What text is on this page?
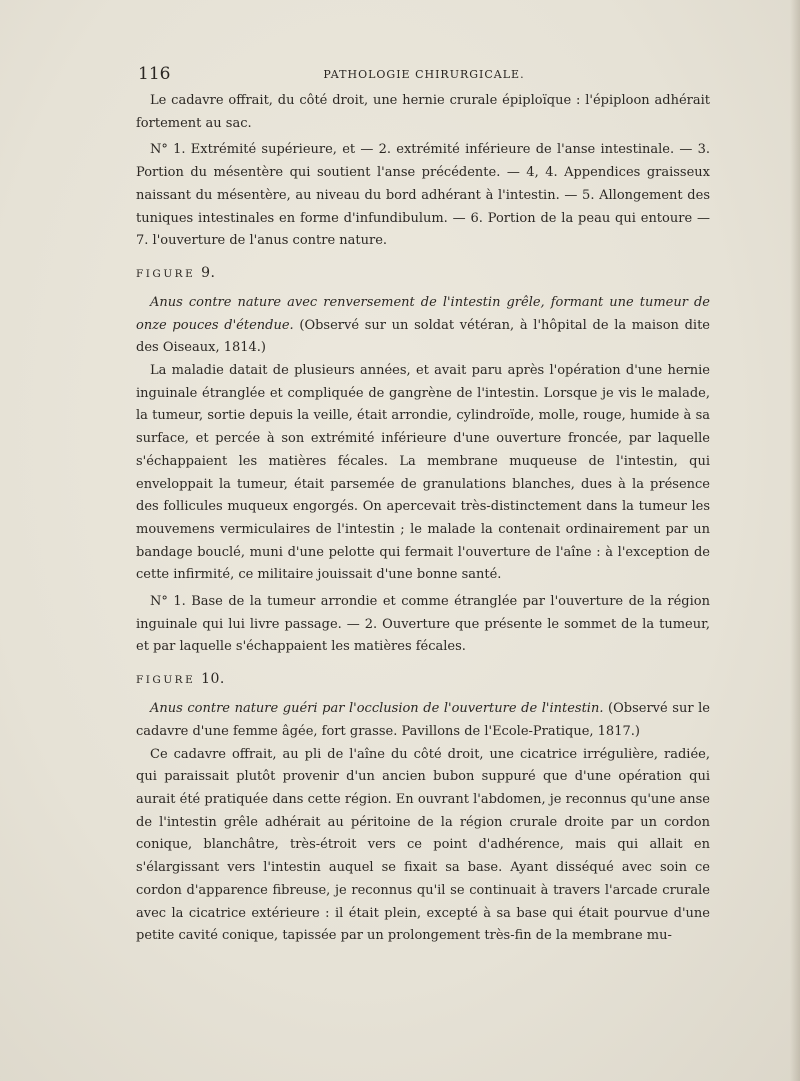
116	PATHOLOGIE CHIRURGICALE.

Le cadavre offrait, du côté droit, une hernie crurale épiploïque : l'épiploon adhérait fortement au sac.

N° 1. Extrémité supérieure, et — 2. extrémité inférieure de l'anse intestinale. — 3. Portion du mésentère qui soutient l'anse précédente. — 4, 4. Appendices graisseux naissant du mésentère, au niveau du bord adhérant à l'intestin. — 5. Allongement des tuniques intestinales en forme d'infundibulum. — 6. Portion de la peau qui entoure — 7. l'ouverture de l'anus contre nature.

FIGURE 9.

Anus contre nature avec renversement de l'intestin grêle, formant une tumeur de onze pouces d'étendue. (Observé sur un soldat vétéran, à l'hôpital de la maison dite des Oiseaux, 1814.)

La maladie datait de plusieurs années, et avait paru après l'opération d'une hernie inguinale étranglée et compliquée de gangrène de l'intestin. Lorsque je vis le malade, la tumeur, sortie depuis la veille, était arrondie, cylindroïde, molle, rouge, humide à sa surface, et percée à son extrémité inférieure d'une ouverture froncée, par laquelle s'échappaient les matières fécales. La membrane muqueuse de l'intestin, qui enveloppait la tumeur, était parsemée de granulations blanches, dues à la présence des follicules muqueux engorgés. On apercevait très-distinctement dans la tumeur les mouvemens vermiculaires de l'intestin ; le malade la contenait ordinairement par un bandage bouclé, muni d'une pelotte qui fermait l'ouverture de l'aîne : à l'exception de cette infirmité, ce militaire jouissait d'une bonne santé.

N° 1. Base de la tumeur arrondie et comme étranglée par l'ouverture de la région inguinale qui lui livre passage. — 2. Ouverture que présente le sommet de la tumeur, et par laquelle s'échappaient les matières fécales.

FIGURE 10.

Anus contre nature guéri par l'occlusion de l'ouverture de l'intestin. (Observé sur le cadavre d'une femme âgée, fort grasse. Pavillons de l'Ecole-Pratique, 1817.)

Ce cadavre offrait, au pli de l'aîne du côté droit, une cicatrice irrégulière, radiée, qui paraissait plutôt provenir d'un ancien bubon suppuré que d'une opération qui aurait été pratiquée dans cette région. En ouvrant l'abdomen, je reconnus qu'une anse de l'intestin grêle adhérait au péritoine de la région crurale droite par un cordon conique, blanchâtre, très-étroit vers ce point d'adhérence, mais qui allait en s'élargissant vers l'intestin auquel se fixait sa base. Ayant disséqué avec soin ce cordon d'apparence fibreuse, je reconnus qu'il se continuait à travers l'arcade crurale avec la cicatrice extérieure : il était plein, excepté à sa base qui était pourvue d'une petite cavité conique, tapissée par un prolongement très-fin de la membrane mu-
